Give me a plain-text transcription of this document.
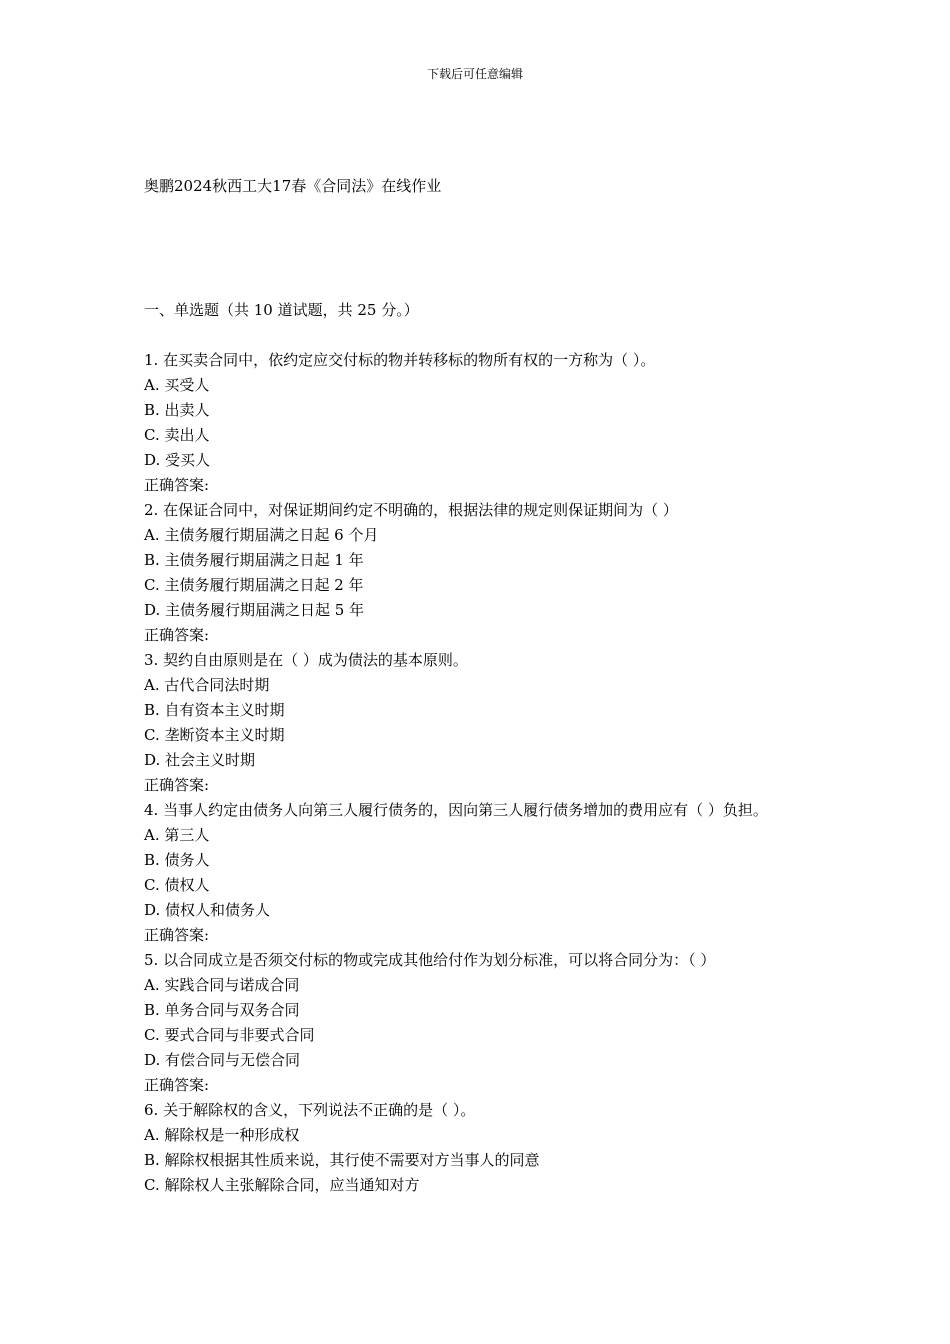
下载后可任意编辑
奥鹏2024秋西工大17春《合同法》在线作业
一、单选题（共 10 道试题，共 25 分。）
1. 在买卖合同中，依约定应交付标的物并转移标的物所有权的一方称为（ ）。
A. 买受人
B. 出卖人
C. 卖出人
D. 受买人
正确答案:
2. 在保证合同中，对保证期间约定不明确的，根据法律的规定则保证期间为（ ）
A. 主债务履行期届满之日起 6 个月
B. 主债务履行期届满之日起 1 年
C. 主债务履行期届满之日起 2 年
D. 主债务履行期届满之日起 5 年
正确答案:
3. 契约自由原则是在（ ）成为债法的基本原则。
A. 古代合同法时期
B. 自有资本主义时期
C. 垄断资本主义时期
D. 社会主义时期
正确答案:
4. 当事人约定由债务人向第三人履行债务的，因向第三人履行债务增加的费用应有（ ）负担。
A. 第三人
B. 债务人
C. 债权人
D. 债权人和债务人
正确答案:
5. 以合同成立是否须交付标的物或完成其他给付作为划分标准，可以将合同分为：（ ）
A. 实践合同与诺成合同
B. 单务合同与双务合同
C. 要式合同与非要式合同
D. 有偿合同与无偿合同
正确答案:
6. 关于解除权的含义，下列说法不正确的是（ ）。
A. 解除权是一种形成权
B. 解除权根据其性质来说，其行使不需要对方当事人的同意
C. 解除权人主张解除合同，应当通知对方
